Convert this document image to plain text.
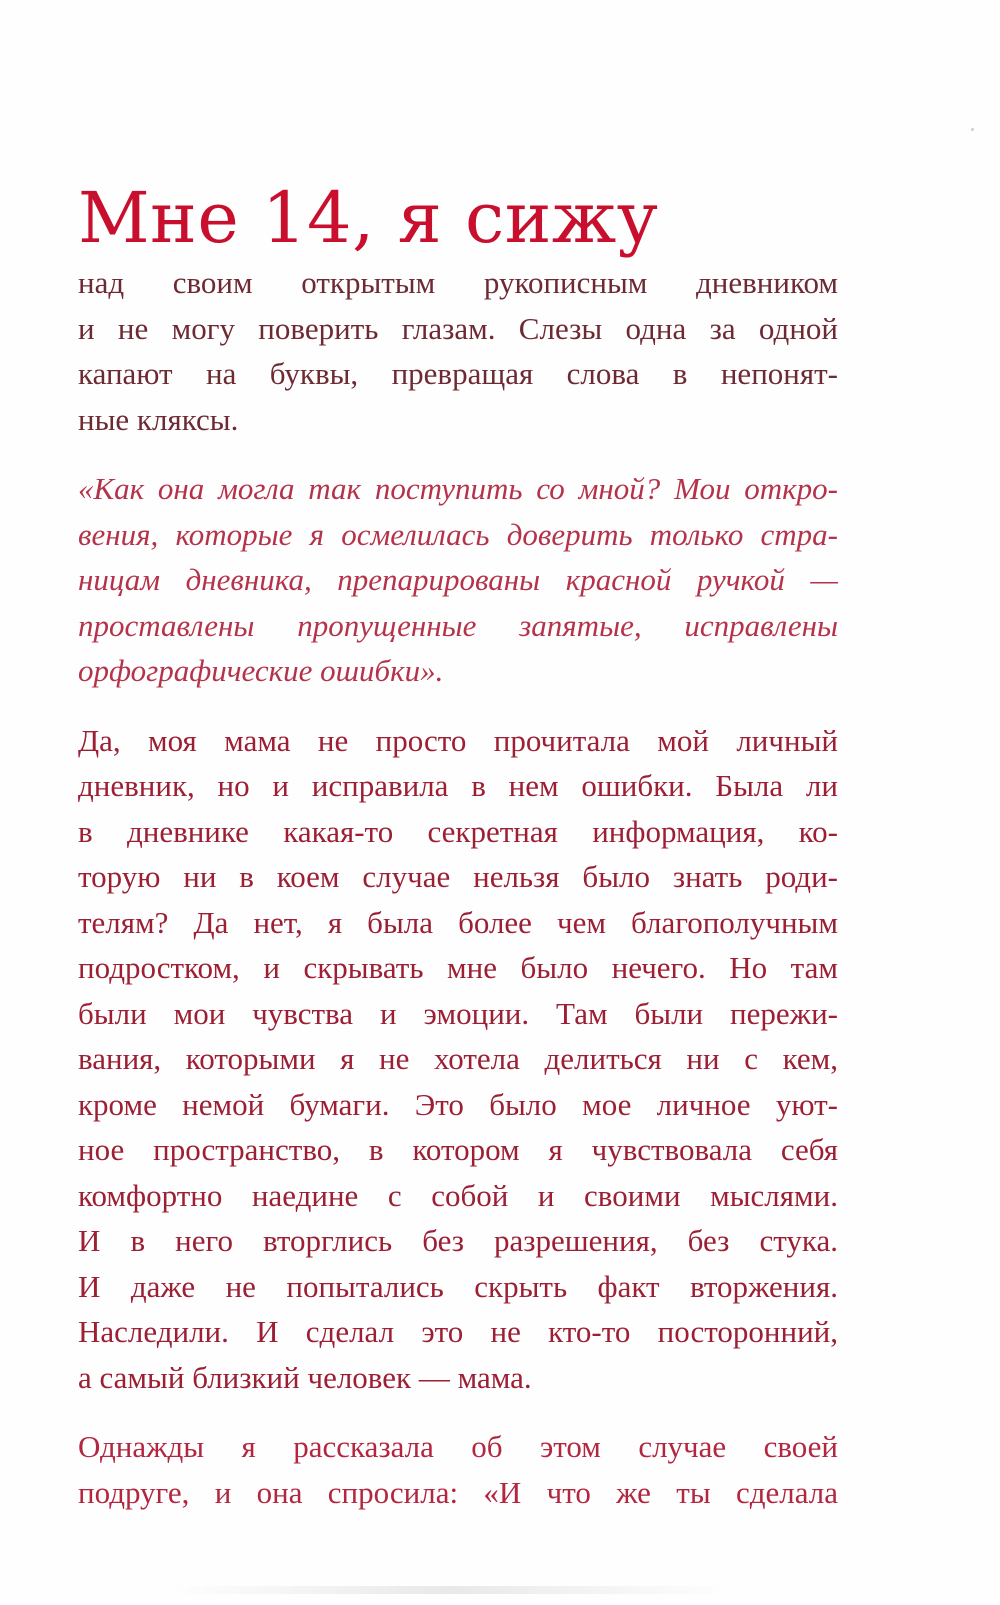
Мне 14, я сижу
над своим открытым рукописным дневником
и не могу поверить глазам. Слезы одна за одной
капают на буквы, превращая слова в непонят-
ные кляксы.
«Как она могла так поступить со мной? Мои откро-
вения, которые я осмелилась доверить только стра-
ницам дневника, препарированы красной ручкой —
проставлены пропущенные запятые, исправлены
орфографические ошибки».
Да, моя мама не просто прочитала мой личный
дневник, но и исправила в нем ошибки. Была ли
в дневнике какая-то секретная информация, ко-
торую ни в коем случае нельзя было знать роди-
телям? Да нет, я была более чем благополучным
подростком, и скрывать мне было нечего. Но там
были мои чувства и эмоции. Там были пережи-
вания, которыми я не хотела делиться ни с кем,
кроме немой бумаги. Это было мое личное уют-
ное пространство, в котором я чувствовала себя
комфортно наедине с собой и своими мыслями.
И в него вторглись без разрешения, без стука.
И даже не попытались скрыть факт вторжения.
Наследили. И сделал это не кто-то посторонний,
а самый близкий человек — мама.
Однажды я рассказала об этом случае своей
подруге, и она спросила: «И что же ты сделала
